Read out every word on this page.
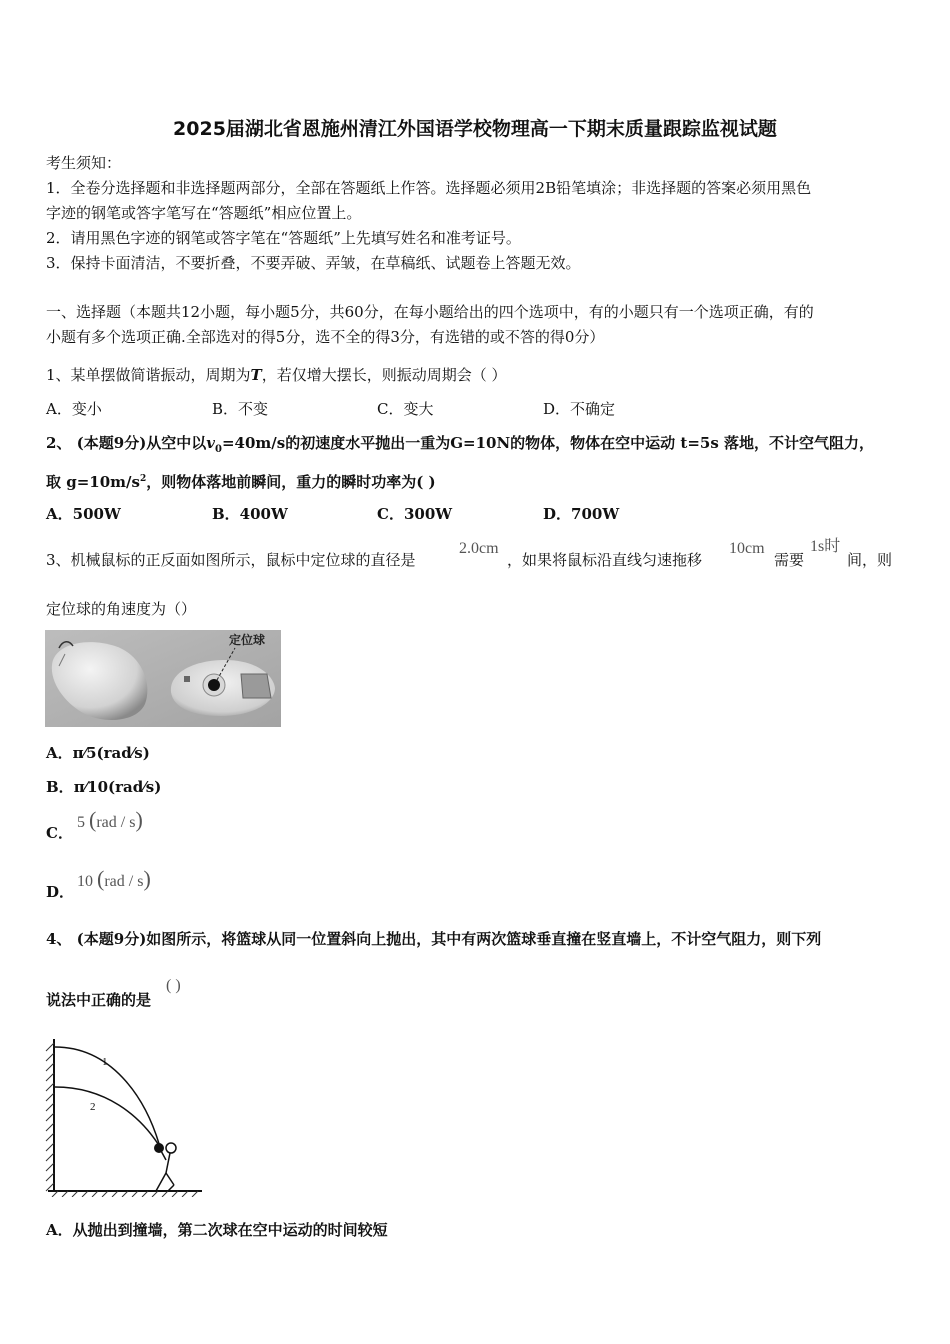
2025届湖北省恩施州清江外国语学校物理高一下期末质量跟踪监视试题
考生须知：
1．全卷分选择题和非选择题两部分，全部在答题纸上作答。选择题必须用2B铅笔填涂；非选择题的答案必须用黑色
字迹的钢笔或答字笔写在“答题纸”相应位置上。
2．请用黑色字迹的钢笔或答字笔在“答题纸”上先填写姓名和准考证号。
3．保持卡面清洁，不要折叠，不要弄破、弄皱，在草稿纸、试题卷上答题无效。
一、选择题（本题共12小题，每小题5分，共60分，在每小题给出的四个选项中，有的小题只有一个选项正确，有的
小题有多个选项正确.全部选对的得5分，选不全的得3分，有选错的或不答的得0分）
1、某单摆做简谐振动，周期为T，若仅增大摆长，则振动周期会（ ）
A．变小	B．不变	C．变大	D．不确定
2、 (本题9分)从空中以$v_0=40m/s$的初速度水平抛出一重为G=10N的物体，物体在空中运动 t=5s 落地，不计空气阻力，
取 $g=10m/s^2$，则物体落地前瞬间，重力的瞬时功率为( )
A．500W	B．400W	C．300W	D．700W
3、机械鼠标的正反面如图所示，鼠标中定位球的直径是
2.0cm
，如果将鼠标沿直线匀速拖移
10cm
需要
1s时
间，则
定位球的角速度为（）
定位球
A．π⁄5(rad⁄s)
B．π⁄10(rad⁄s)
C．
5 (rad / s)
D．
10 (rad / s)
4、 (本题9分)如图所示，将篮球从同一位置斜向上抛出，其中有两次篮球垂直撞在竖直墙上，不计空气阻力，则下列
说法中正确的是
( )
1
2
A．从抛出到撞墙，第二次球在空中运动的时间较短
